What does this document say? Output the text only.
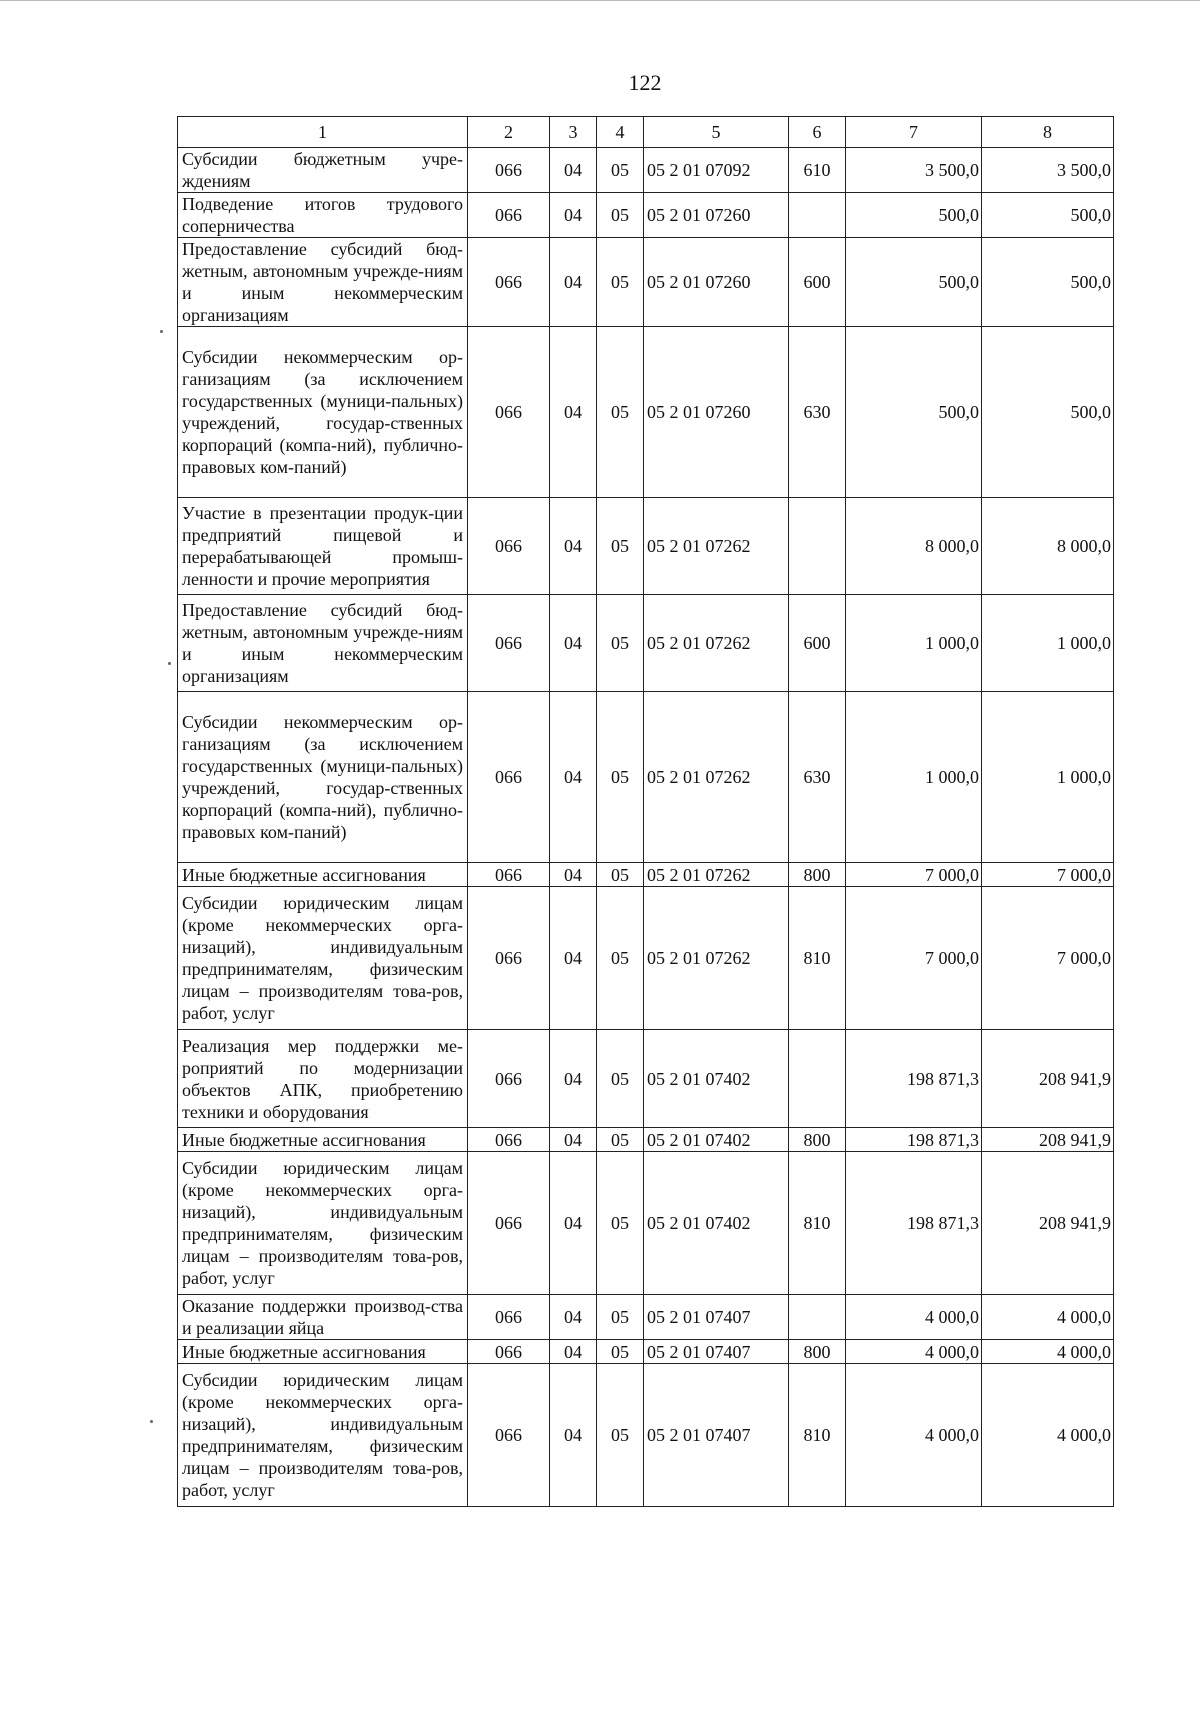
122
1	2	3	4	5	6	7	8
Субсидии бюджетным учре-ждениям	066	04	05	05 2 01 07092	610	3 500,0	3 500,0
Подведение итогов трудового соперничества	066	04	05	05 2 01 07260		500,0	500,0
Предоставление субсидий бюд-жетным, автономным учрежде-ниям и иным некоммерческим организациям	066	04	05	05 2 01 07260	600	500,0	500,0
Субсидии некоммерческим ор-ганизациям (за исключением государственных (муници-пальных) учреждений, государ-ственных корпораций (компа-ний), публично-правовых ком-паний)	066	04	05	05 2 01 07260	630	500,0	500,0
Участие в презентации продук-ции предприятий пищевой и перерабатывающей промыш-ленности и прочие мероприятия	066	04	05	05 2 01 07262		8 000,0	8 000,0
Предоставление субсидий бюд-жетным, автономным учрежде-ниям и иным некоммерческим организациям	066	04	05	05 2 01 07262	600	1 000,0	1 000,0
Субсидии некоммерческим ор-ганизациям (за исключением государственных (муници-пальных) учреждений, государ-ственных корпораций (компа-ний), публично-правовых ком-паний)	066	04	05	05 2 01 07262	630	1 000,0	1 000,0
Иные бюджетные ассигнования	066	04	05	05 2 01 07262	800	7 000,0	7 000,0
Субсидии юридическим лицам (кроме некоммерческих орга-низаций), индивидуальным предпринимателям, физическим лицам – производителям това-ров, работ, услуг	066	04	05	05 2 01 07262	810	7 000,0	7 000,0
Реализация мер поддержки ме-роприятий по модернизации объектов АПК, приобретению техники и оборудования	066	04	05	05 2 01 07402		198 871,3	208 941,9
Иные бюджетные ассигнования	066	04	05	05 2 01 07402	800	198 871,3	208 941,9
Субсидии юридическим лицам (кроме некоммерческих орга-низаций), индивидуальным предпринимателям, физическим лицам – производителям това-ров, работ, услуг	066	04	05	05 2 01 07402	810	198 871,3	208 941,9
Оказание поддержки производ-ства и реализации яйца	066	04	05	05 2 01 07407		4 000,0	4 000,0
Иные бюджетные ассигнования	066	04	05	05 2 01 07407	800	4 000,0	4 000,0
Субсидии юридическим лицам (кроме некоммерческих орга-низаций), индивидуальным предпринимателям, физическим лицам – производителям това-ров, работ, услуг	066	04	05	05 2 01 07407	810	4 000,0	4 000,0
